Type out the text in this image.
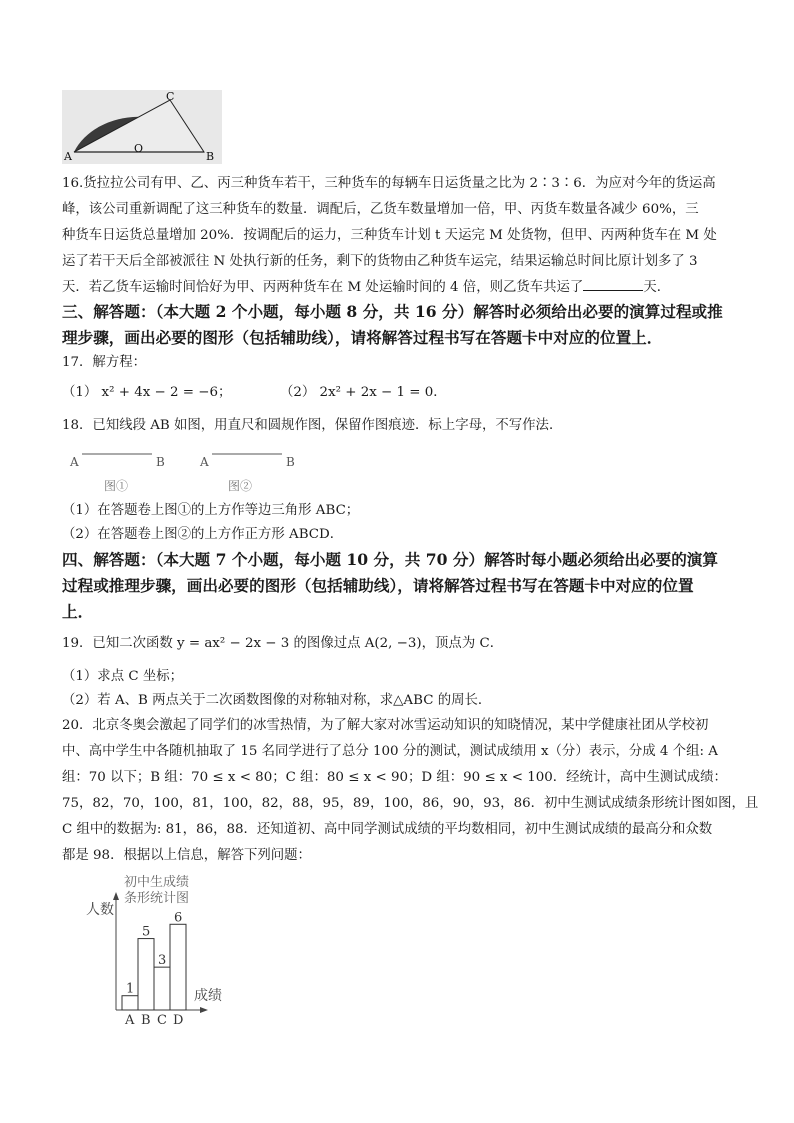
A
O
B
C
16.货拉拉公司有甲、乙、丙三种货车若干，三种货车的每辆车日运货量之比为 2∶3∶6．为应对今年的货运高
峰，该公司重新调配了这三种货车的数量．调配后，乙货车数量增加一倍，甲、丙货车数量各减少 60%，三
种货车日运货总量增加 20%．按调配后的运力，三种货车计划 t 天运完 M 处货物，但甲、丙两种货车在 M 处
运了若干天后全部被派往 N 处执行新的任务，剩下的货物由乙种货车运完，结果运输总时间比原计划多了 3
天．若乙货车运输时间恰好为甲、丙两种货车在 M 处运输时间的 4 倍，则乙货车共运了	天．
三、解答题：（本大题 2 个小题，每小题 8 分，共 16 分）解答时必须给出必要的演算过程或推
理步骤，画出必要的图形（包括辅助线），请将解答过程书写在答题卡中对应的位置上．
17．解方程：
（1） x² + 4x − 2 = −6；	（2） 2x² + 2x − 1 = 0．
18．已知线段 AB 如图，用直尺和圆规作图，保留作图痕迹．标上字母，不写作法．
A	B
图①
A	B
图②
（1）在答题卷上图①的上方作等边三角形 ABC；
（2）在答题卷上图②的上方作正方形 ABCD．
四、解答题：（本大题 7 个小题，每小题 10 分，共 70 分）解答时每小题必须给出必要的演算
过程或推理步骤，画出必要的图形（包括辅助线），请将解答过程书写在答题卡中对应的位置
上．
19．已知二次函数 y = ax² − 2x − 3 的图像过点 A(2, −3)，顶点为 C．
（1）求点 C 坐标；
（2）若 A、B 两点关于二次函数图像的对称轴对称，求△ABC 的周长．
20．北京冬奥会激起了同学们的冰雪热情，为了解大家对冰雪运动知识的知晓情况，某中学健康社团从学校初
中、高中学生中各随机抽取了 15 名同学进行了总分 100 分的测试，测试成绩用 x（分）表示，分成 4 个组: A
组：70 以下；B 组：70 ≤ x < 80；C 组：80 ≤ x < 90；D 组：90 ≤ x < 100．经统计，高中生测试成绩：
75，82，70，100，81，100，82，88，95，89，100，86，90，93，86．初中生测试成绩条形统计图如图，且
C 组中的数据为: 81，86，88．还知道初、高中同学测试成绩的平均数相同，初中生测试成绩的最高分和众数
都是 98．根据以上信息，解答下列问题：
初中生成绩
条形统计图
人数
成绩
1
A
5
B
3
C
6
D
